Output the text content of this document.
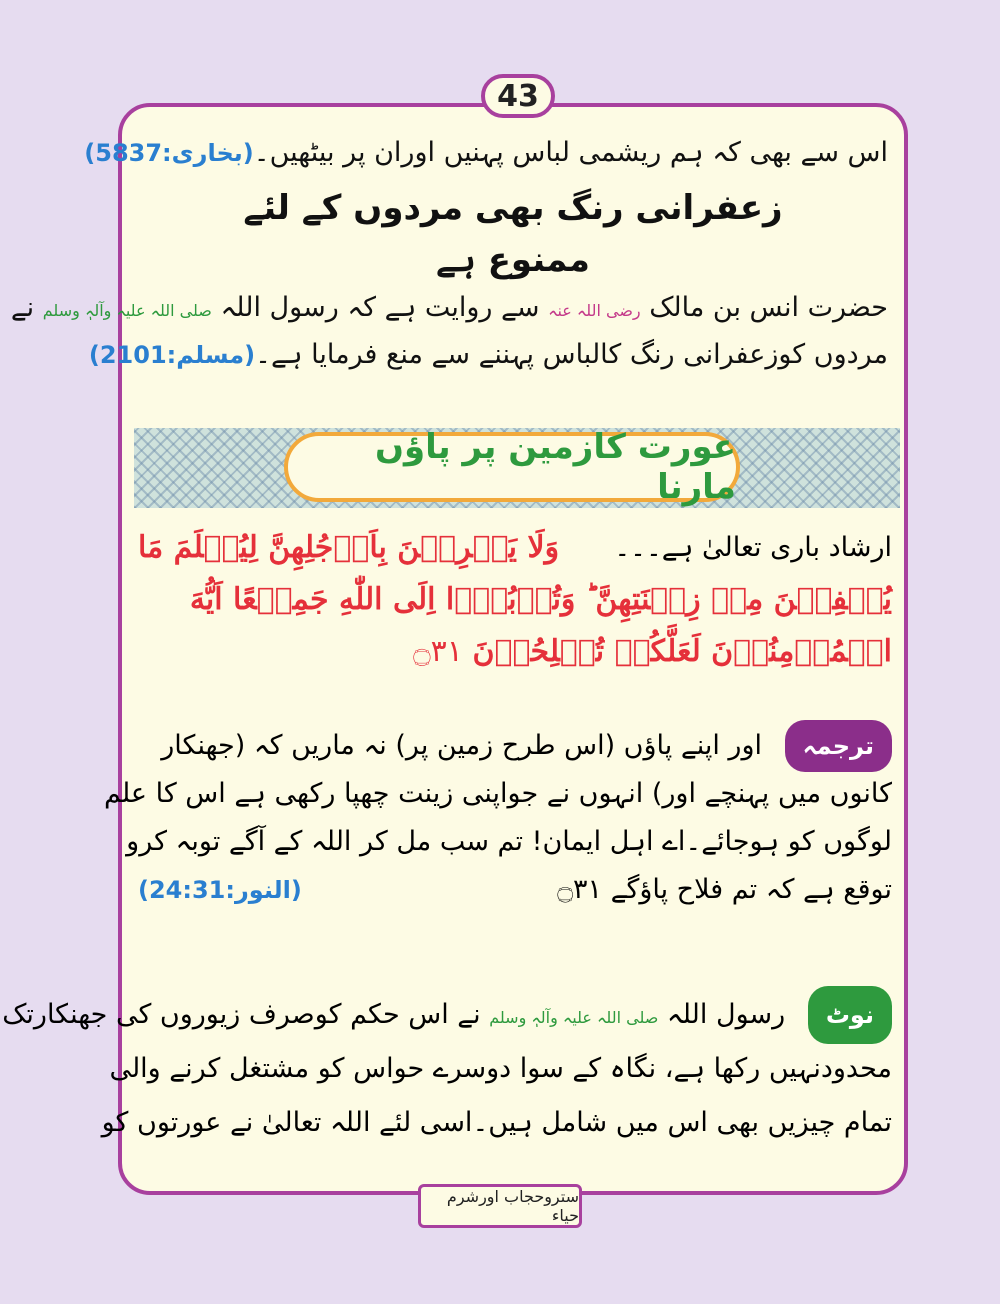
43
اس سے بھی کہ ہم ریشمی لباس پہنیں اوران پر بیٹھیں۔
(بخاری:5837)
زعفرانی رنگ بھی مردوں کے لئے ممنوع ہے
حضرت انس بن مالک رضی اللہ عنہ سے روایت ہے کہ رسول اللہ صلی اللہ علیہ وآلہٖ وسلم نے
مردوں کوزعفرانی رنگ کالباس پہننے سے منع فرمایا ہے۔
(مسلم:2101)
عورت کازمین پر پاؤں مارنا
ارشاد باری تعالیٰ ہے۔۔۔
وَلَا يَضۡرِبۡنَ بِاَرۡجُلِهِنَّ لِيُعۡلَمَ مَا
يُخۡفِيۡنَ مِنۡ زِيۡنَتِهِنَّ ؕ وَتُوۡبُوۡۤا اِلَى اللّٰهِ جَمِيۡعًا اَيُّهَ
الۡمُؤۡمِنُوۡنَ لَعَلَّكُمۡ تُفۡلِحُوۡنَ ۝۳۱
ترجمہ اور اپنے پاؤں (اس طرح زمین پر) نہ ماریں کہ (جھنکار
کانوں میں پہنچے اور) انہوں نے جواپنی زینت چھپا رکھی ہے اس کا علم
لوگوں کو ہوجائے۔اے اہل ایمان! تم سب مل کر اللہ کے آگے توبہ کرو
توقع ہے کہ تم فلاح پاؤگے ۝۳۱
(النور:24:31)
نوٹ رسول اللہ صلی اللہ علیہ وآلہٖ وسلم نے اس حکم کوصرف زیوروں کی جھنکارتک
محدودنہیں رکھا ہے، نگاہ کے سوا دوسرے حواس کو مشتغل کرنے والی
تمام چیزیں بھی اس میں شامل ہیں۔اسی لئے اللہ تعالیٰ نے عورتوں کو
ستروحجاب اورشرم حیاء
